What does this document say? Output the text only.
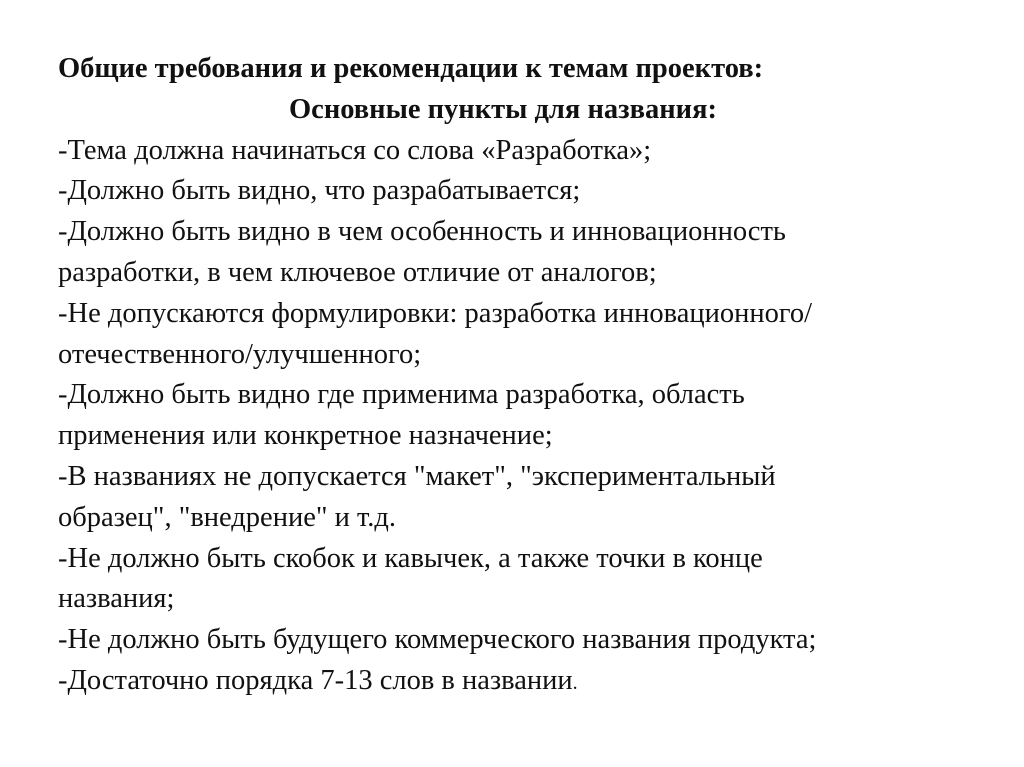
Общие требования и рекомендации к темам проектов:
Основные пункты для названия:
-Тема должна начинаться со слова «Разработка»;
-Должно быть видно, что разрабатывается;
-Должно быть видно в чем особенность и инновационность
разработки, в чем ключевое отличие от аналогов;
-Не допускаются формулировки: разработка инновационного/
отечественного/улучшенного;
-Должно быть видно где применима разработка, область
применения или конкретное назначение;
-В названиях не допускается "макет", "экспериментальный
образец", "внедрение" и т.д.
-Не должно быть скобок и кавычек, а также точки в конце
названия;
-Не должно быть будущего коммерческого названия продукта;
-Достаточно порядка 7-13 слов в названии.
